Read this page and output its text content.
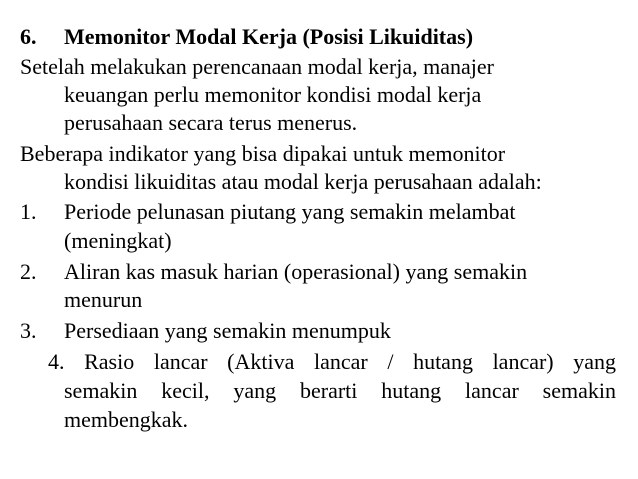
6. Memonitor Modal Kerja (Posisi Likuiditas)
Setelah melakukan perencanaan modal kerja, manajer
keuangan perlu memonitor kondisi modal kerja
perusahaan secara terus menerus.
Beberapa indikator yang bisa dipakai untuk memonitor
kondisi likuiditas atau modal kerja perusahaan adalah:
1. Periode pelunasan piutang yang semakin melambat
(meningkat)
2. Aliran kas masuk harian (operasional) yang semakin
menurun
3. Persediaan yang semakin menumpuk
4. Rasio lancar (Aktiva lancar / hutang lancar) yang
semakin kecil, yang berarti hutang lancar semakin
membengkak.
